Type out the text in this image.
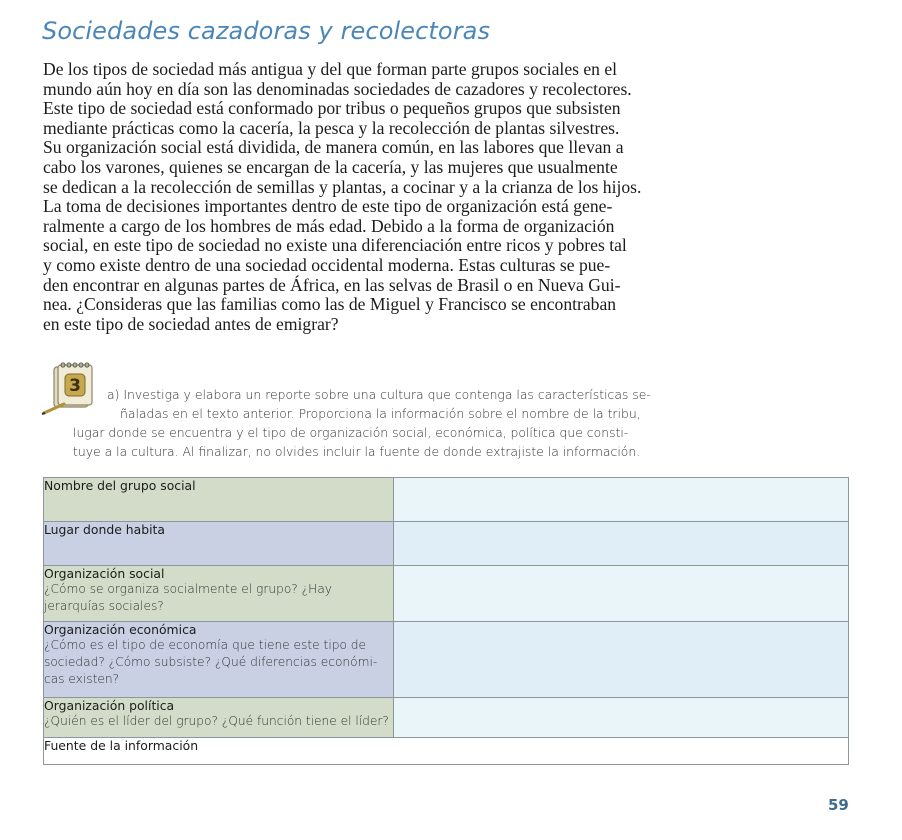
Sociedades cazadoras y recolectoras
De los tipos de sociedad más antigua y del que forman parte grupos sociales en el
mundo aún hoy en día son las denominadas sociedades de cazadores y recolectores.
Este tipo de sociedad está conformado por tribus o pequeños grupos que subsisten
mediante prácticas como la cacería, la pesca y la recolección de plantas silvestres.
Su organización social está dividida, de manera común, en las labores que llevan a
cabo los varones, quienes se encargan de la cacería, y las mujeres que usualmente
se dedican a la recolección de semillas y plantas, a cocinar y a la crianza de los hijos.
La toma de decisiones importantes dentro de este tipo de organización está gene-
ralmente a cargo de los hombres de más edad. Debido a la forma de organización
social, en este tipo de sociedad no existe una diferenciación entre ricos y pobres tal
y como existe dentro de una sociedad occidental moderna. Estas culturas se pue-
den encontrar en algunas partes de África, en las selvas de Brasil o en Nueva Gui-
nea. ¿Consideras que las familias como las de Miguel y Francisco se encontraban
en este tipo de sociedad antes de emigrar?
3 a) Investiga y elabora un reporte sobre una cultura que contenga las características se-
ñaladas en el texto anterior. Proporciona la información sobre el nombre de la tribu,
lugar donde se encuentra y el tipo de organización social, económica, política que consti-
tuye a la cultura. Al finalizar, no olvides incluir la fuente de donde extrajiste la información.
Nombre del grupo social	

Lugar donde habita	

Organización social
¿Cómo se organiza socialmente el grupo? ¿Hay
jerarquías sociales?	

Organización económica
¿Cómo es el tipo de economía que tiene este tipo de
sociedad? ¿Cómo subsiste? ¿Qué diferencias económi-
cas existen?	

Organización política
¿Quién es el líder del grupo? ¿Qué función tiene el líder?	

Fuente de la información	
59
